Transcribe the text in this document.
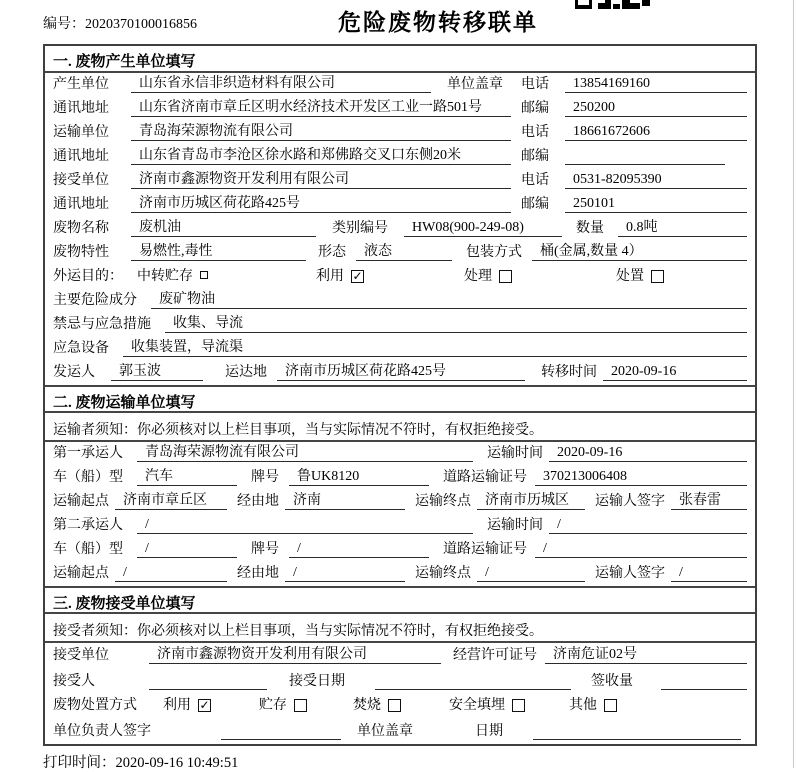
编号：2020370100016856	危险废物转移联单
一. 废物产生单位填写
产生单位	山东省永信非织造材料有限公司	单位盖章 电话	13854169160
通讯地址	山东省济南市章丘区明水经济技术开发区工业一路501号	邮编	250200
运输单位	青岛海荣源物流有限公司	电话	18661672606
通讯地址	山东省青岛市李沧区徐水路和郑佛路交叉口东侧20米	邮编
接受单位	济南市鑫源物资开发利用有限公司	电话	0531-82095390
通讯地址	济南市历城区荷花路425号	邮编	250101
废物名称	废机油	类别编号	HW08(900-249-08)	数量	0.8吨
废物特性	易燃性,毒性	形态	液态	包装方式	桶(金属,数量 4）
外运目的： 中转贮存	利用 ✓	处理	处置
主要危险成分	废矿物油
禁忌与应急措施	收集、导流
应急设备	收集装置，导流渠
发运人	郭玉波	运达地	济南市历城区荷花路425号	转移时间	2020-09-16
二. 废物运输单位填写
运输者须知：你必须核对以上栏目事项，当与实际情况不符时，有权拒绝接受。
第一承运人	青岛海荣源物流有限公司	运输时间	2020-09-16
车（船）型	汽车	牌号	鲁UK8120	道路运输证号	370213006408
运输起点	济南市章丘区	经由地	济南	运输终点	济南市历城区	运输人签字	张春雷
第二承运人	/	运输时间	/
车（船）型	/	牌号	/	道路运输证号	/
运输起点	/	经由地	/	运输终点	/	运输人签字	/
三. 废物接受单位填写
接受者须知：你必须核对以上栏目事项，当与实际情况不符时，有权拒绝接受。
接受单位	济南市鑫源物资开发利用有限公司	经营许可证号	济南危证02号
接受人	接受日期	签收量
废物处置方式 利用 ✓	贮存	焚烧	安全填埋	其他
单位负责人签字	单位盖章	日期
打印时间：2020-09-16 10:49:51
